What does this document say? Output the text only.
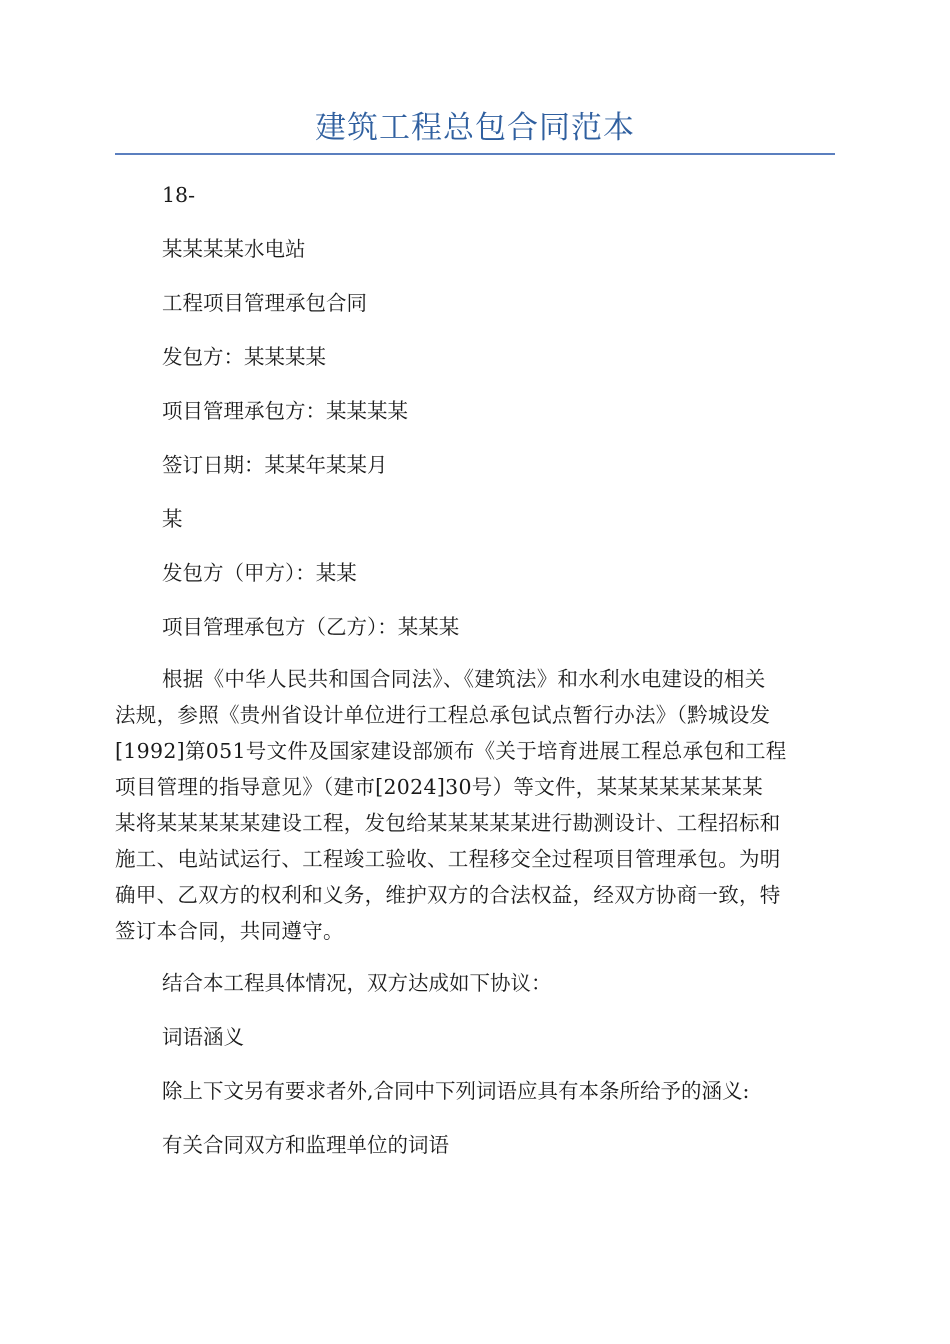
建筑工程总包合同范本
18-
某某某某水电站
工程项目管理承包合同
发包方：某某某某
项目管理承包方：某某某某
签订日期：某某年某某月
某
发包方（甲方）：某某
项目管理承包方（乙方）：某某某
根据《中华人民共和国合同法》、《建筑法》和水利水电建设的相关
法规，参照《贵州省设计单位进行工程总承包试点暂行办法》（黔城设发
[1992]第051号文件及国家建设部颁布《关于培育进展工程总承包和工程
项目管理的指导意见》（建市[2024]30号）等文件，某某某某某某某某
某将某某某某某建设工程，发包给某某某某某进行勘测设计、工程招标和
施工、电站试运行、工程竣工验收、工程移交全过程项目管理承包。为明
确甲、乙双方的权利和义务，维护双方的合法权益，经双方协商一致，特
签订本合同，共同遵守。
结合本工程具体情况，双方达成如下协议：
词语涵义
除上下文另有要求者外,合同中下列词语应具有本条所给予的涵义:
有关合同双方和监理单位的词语
